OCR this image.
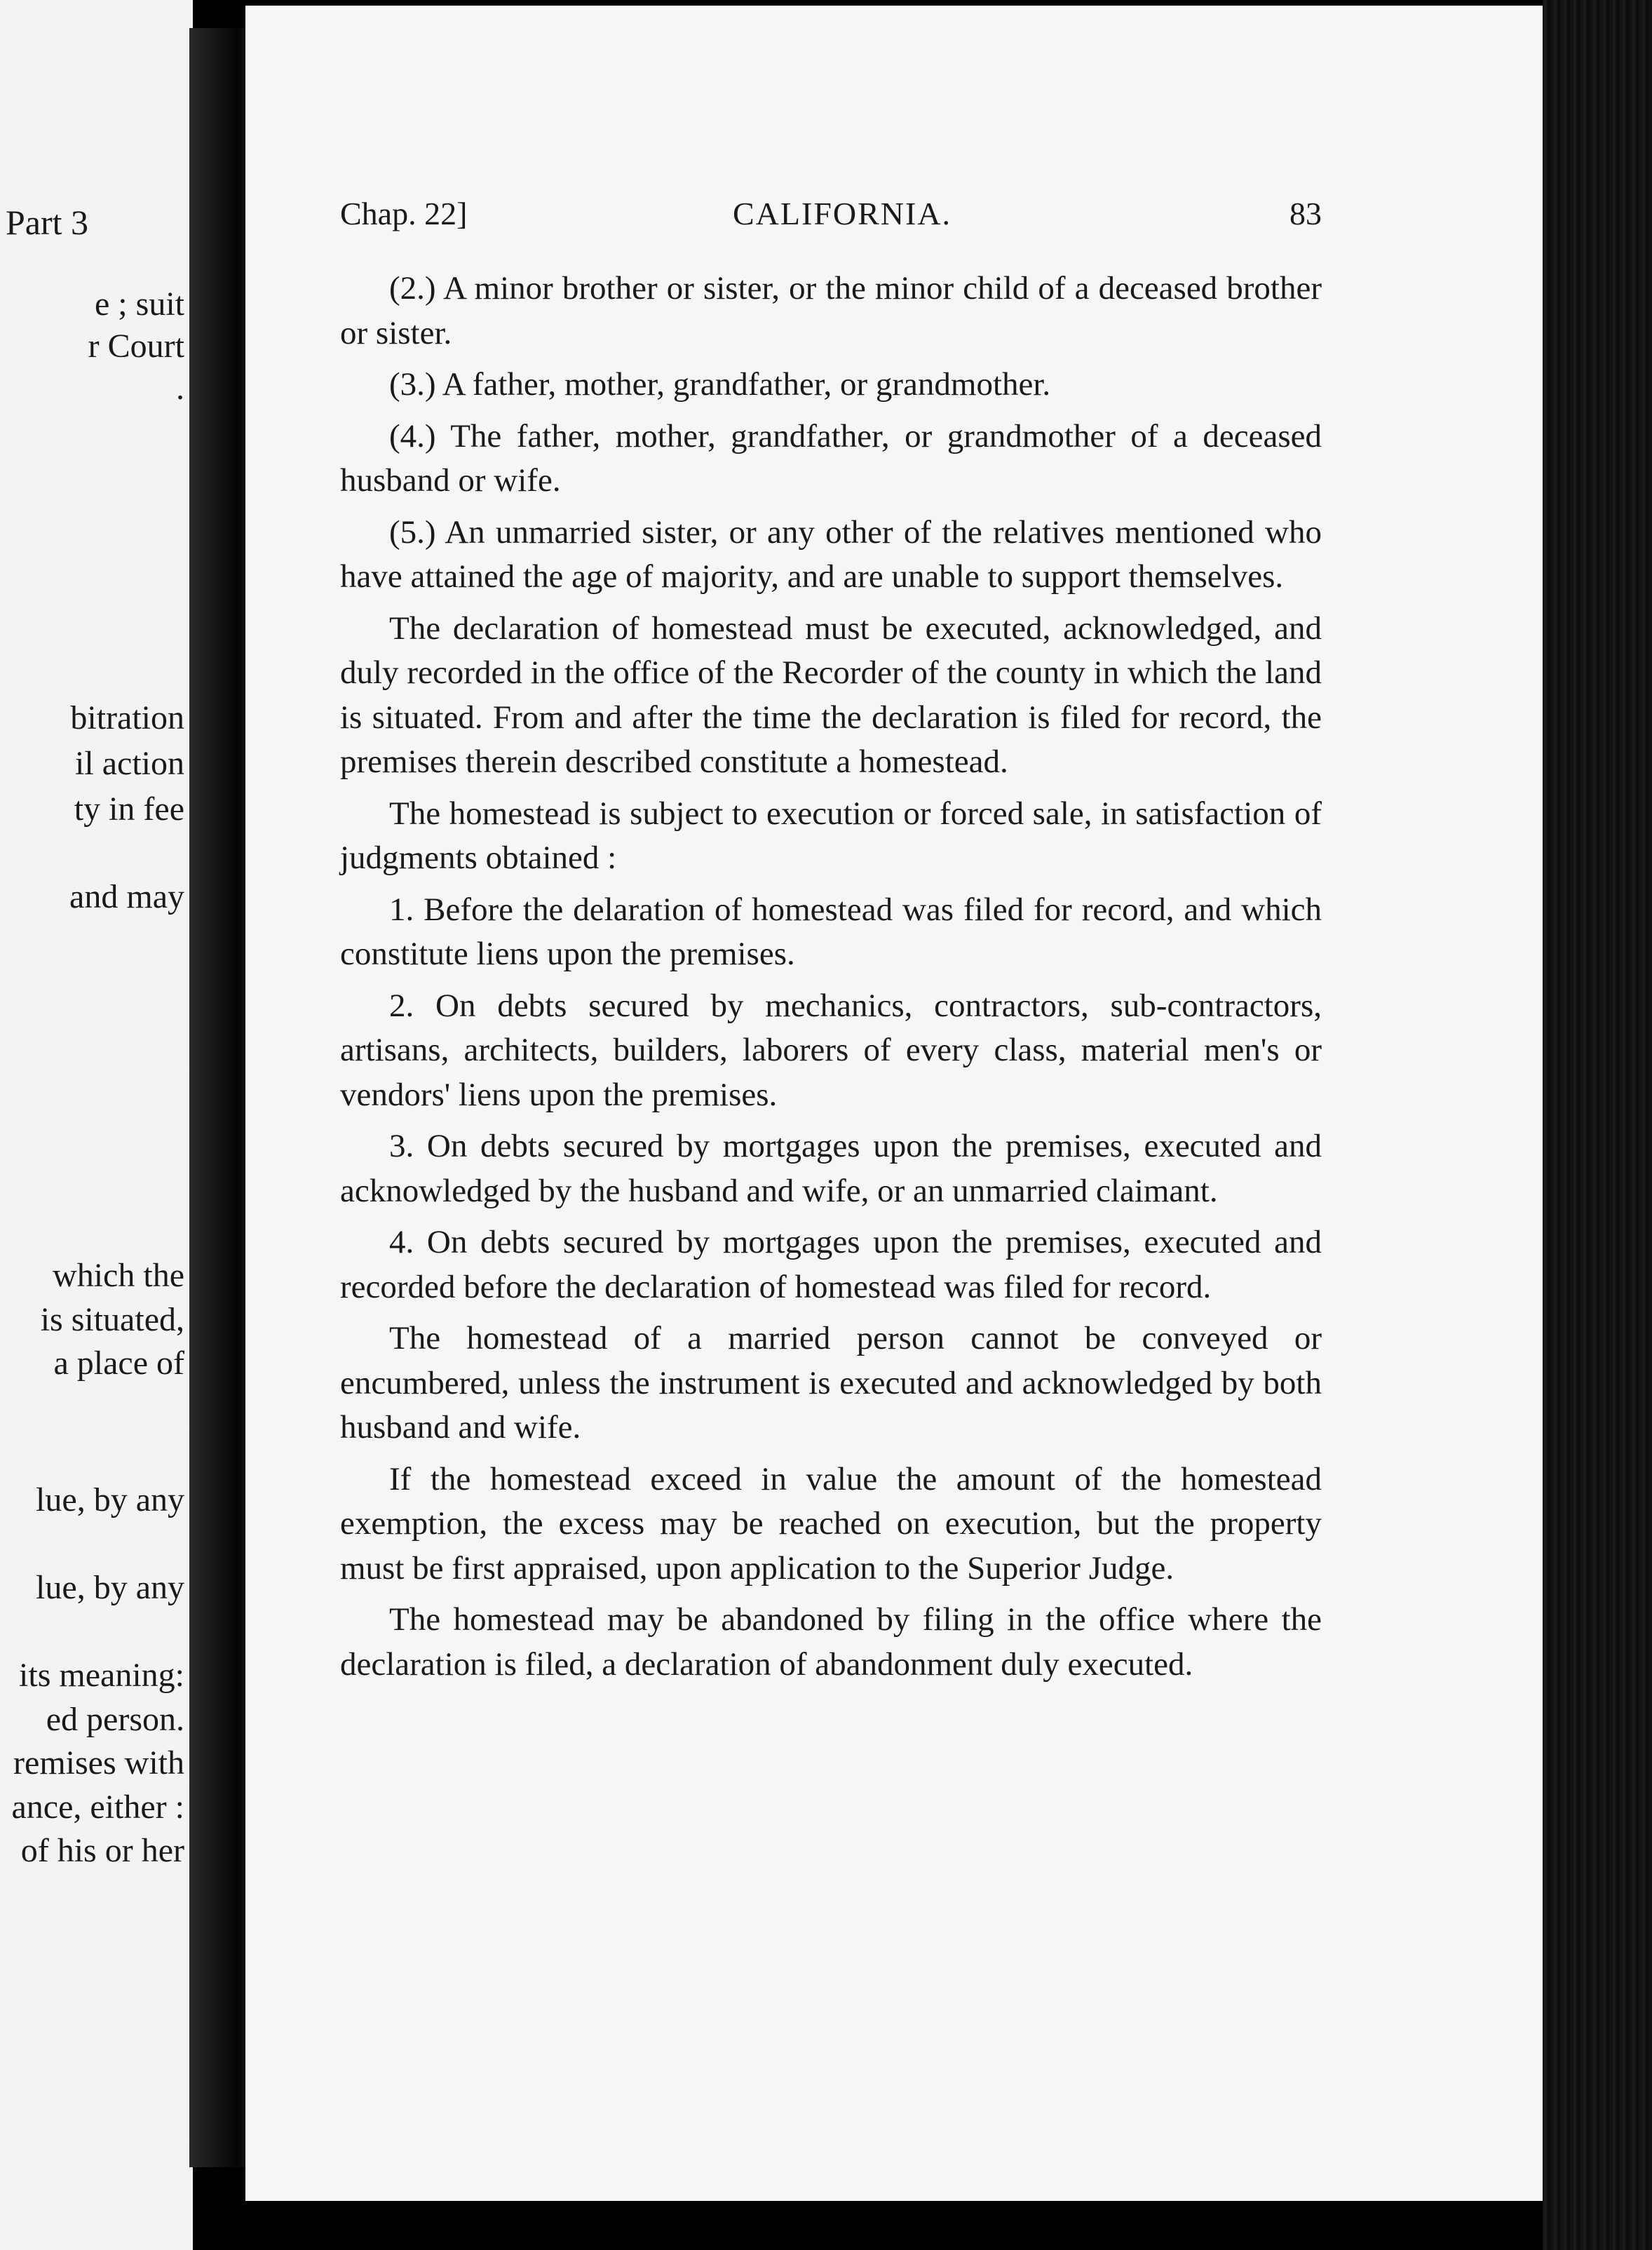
Part 3
e ; suit
r Court
.
bitration
il action
ty in fee
and may
which the
is situated,
a place of
lue, by any
lue, by any
its meaning:
ed person.
remises with
ance, either :
of his or her
Chap. 22]	CALIFORNIA.	83

(2.) A minor brother or sister, or the minor child of a deceased brother or sister.

(3.) A father, mother, grandfather, or grandmother.

(4.) The father, mother, grandfather, or grandmother of a deceased husband or wife.

(5.) An unmarried sister, or any other of the relatives mentioned who have attained the age of majority, and are unable to support themselves.

The declaration of homestead must be executed, acknowledged, and duly recorded in the office of the Recorder of the county in which the land is situated. From and after the time the declaration is filed for record, the premises therein described constitute a homestead.

The homestead is subject to execution or forced sale, in satisfaction of judgments obtained :

1. Before the delaration of homestead was filed for record, and which constitute liens upon the premises.

2. On debts secured by mechanics, contractors, sub-contractors, artisans, architects, builders, laborers of every class, material men's or vendors' liens upon the premises.

3. On debts secured by mortgages upon the premises, executed and acknowledged by the husband and wife, or an unmarried claimant.

4. On debts secured by mortgages upon the premises, executed and recorded before the declaration of homestead was filed for record.

The homestead of a married person cannot be conveyed or encumbered, unless the instrument is executed and acknowledged by both husband and wife.

If the homestead exceed in value the amount of the homestead exemption, the excess may be reached on execution, but the property must be first appraised, upon application to the Superior Judge.

The homestead may be abandoned by filing in the office where the declaration is filed, a declaration of abandonment duly executed.
